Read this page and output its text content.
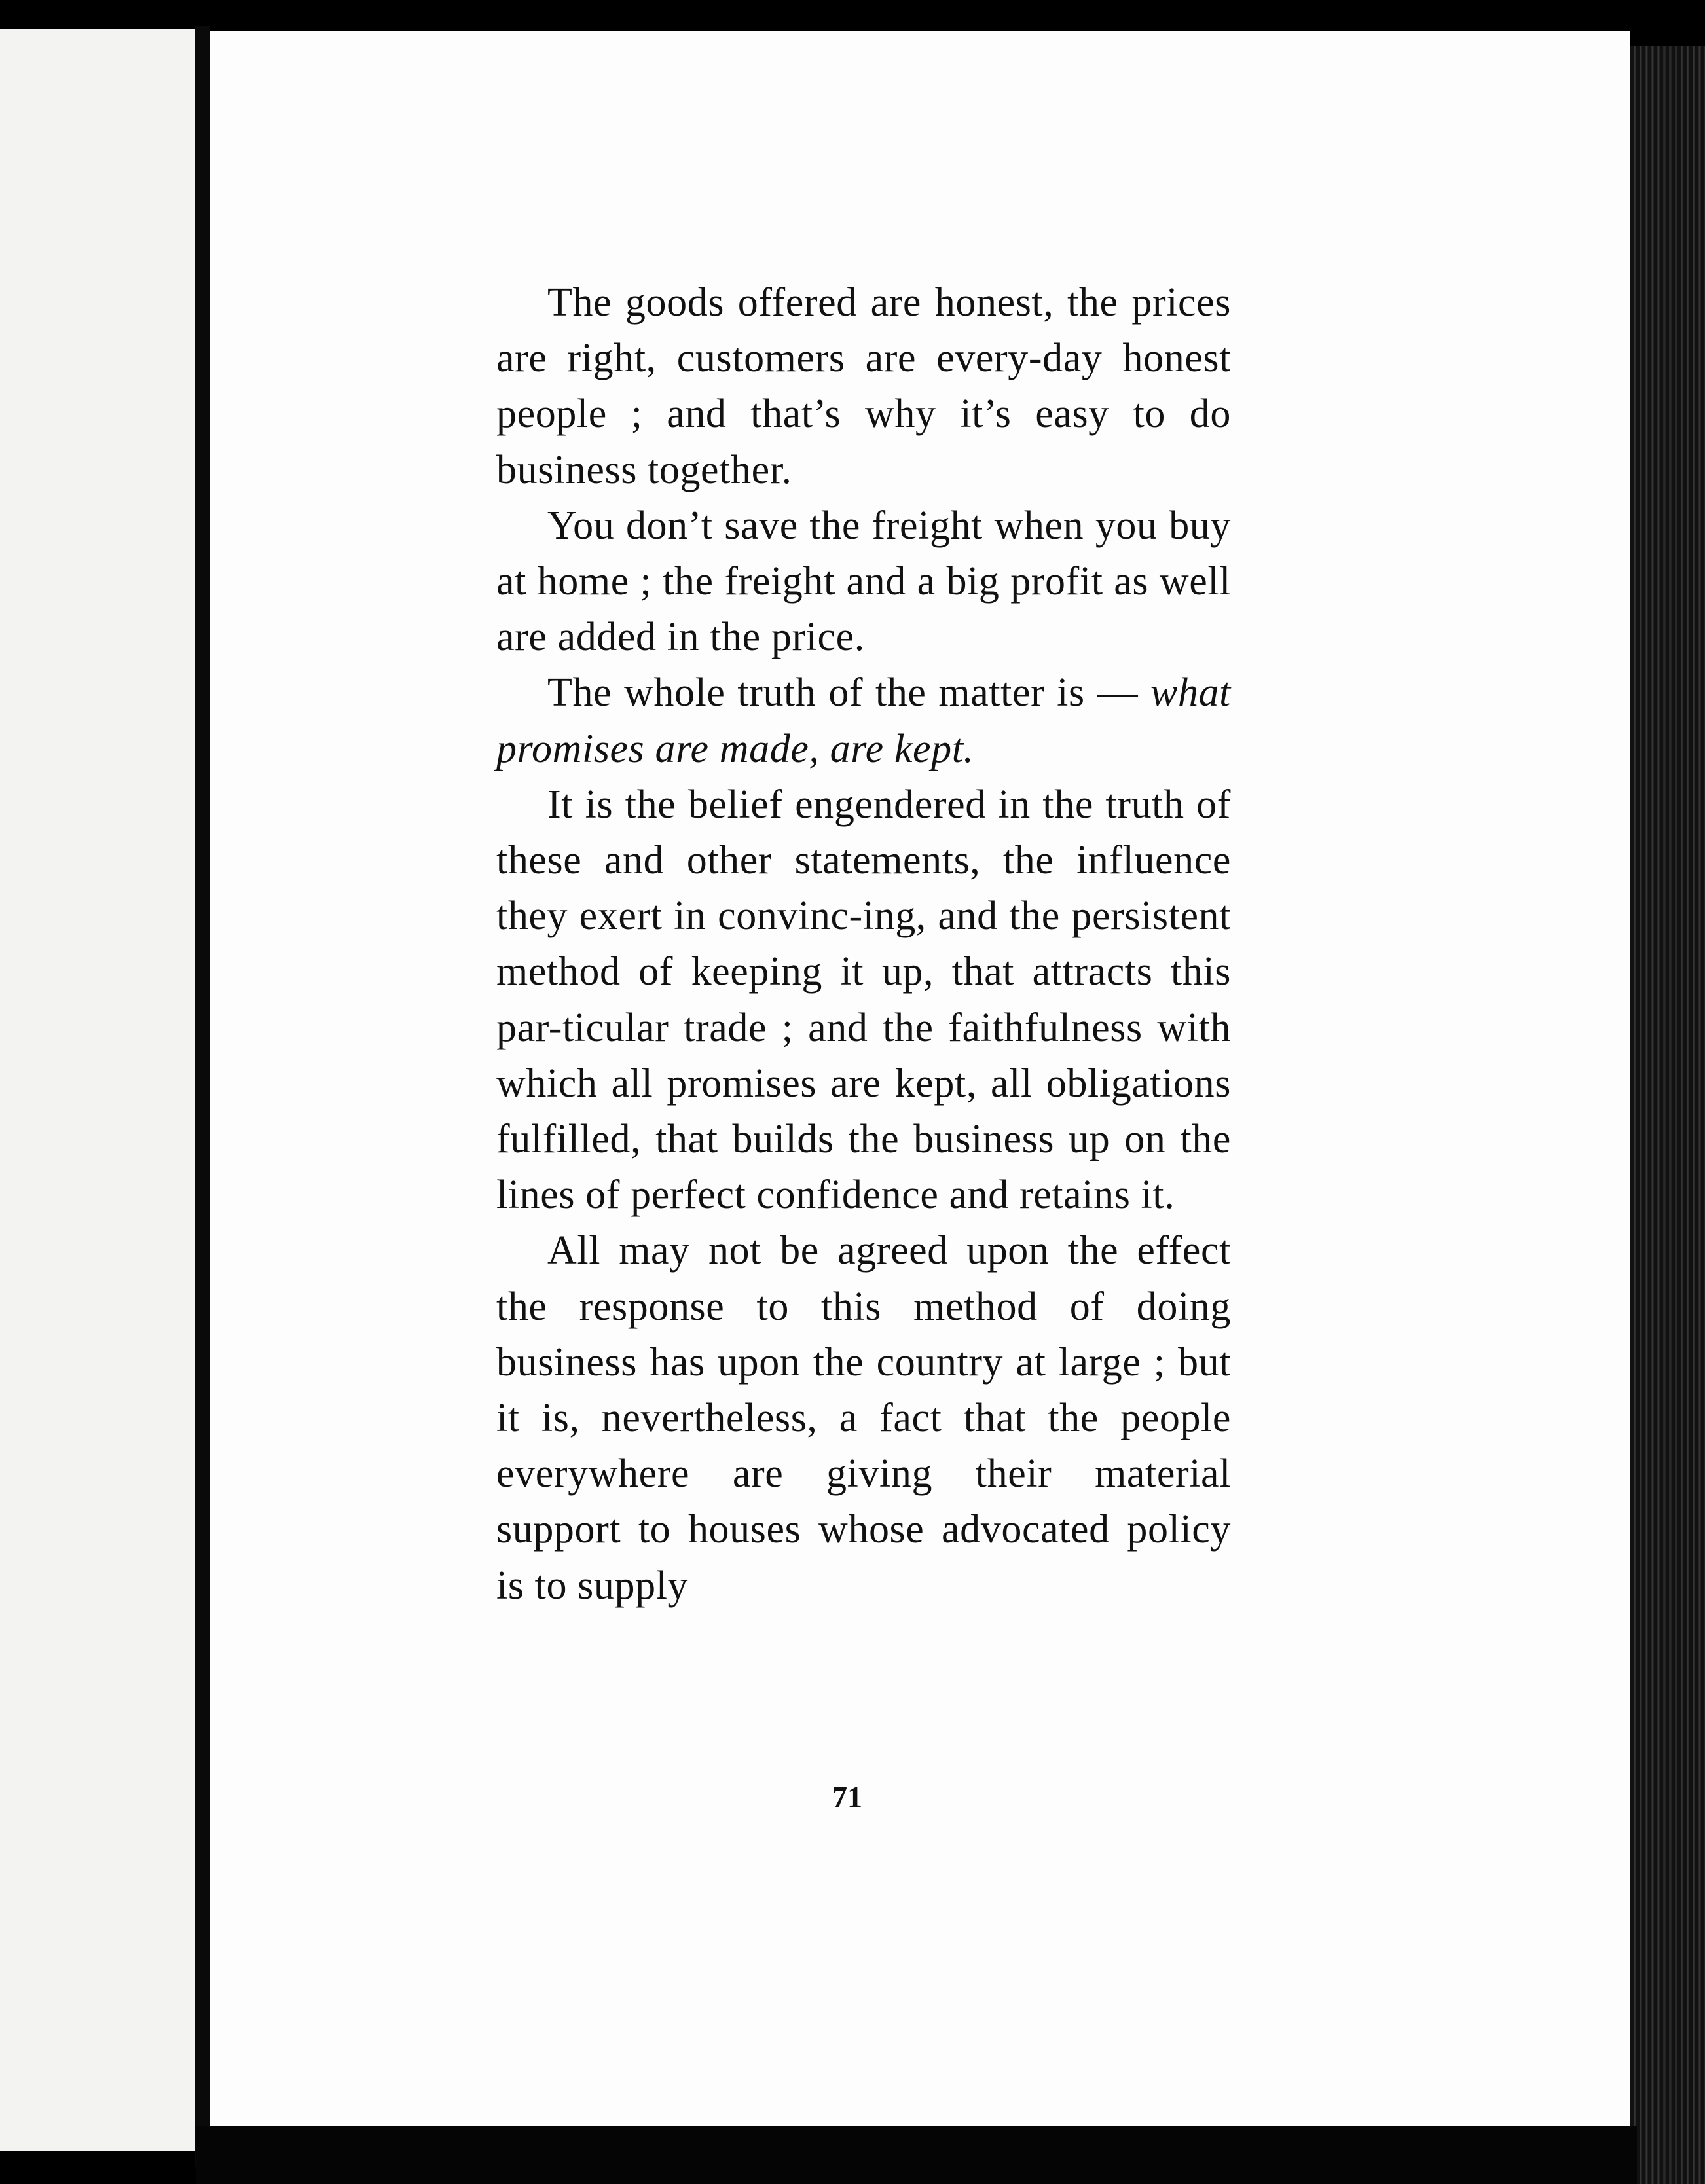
The goods offered are honest, the prices are right, customers are every-day honest people ; and that’s why it’s easy to do business together.

You don’t save the freight when you buy at home ; the freight and a big profit as well are added in the price.

The whole truth of the matter is — what promises are made, are kept.

It is the belief engendered in the truth of these and other statements, the influence they exert in convinc-ing, and the persistent method of keeping it up, that attracts this par-ticular trade ; and the faithfulness with which all promises are kept, all obligations fulfilled, that builds the business up on the lines of perfect confidence and retains it.

All may not be agreed upon the effect the response to this method of doing business has upon the country at large ; but it is, nevertheless, a fact that the people everywhere are giving their material support to houses whose advocated policy is to supply

71
